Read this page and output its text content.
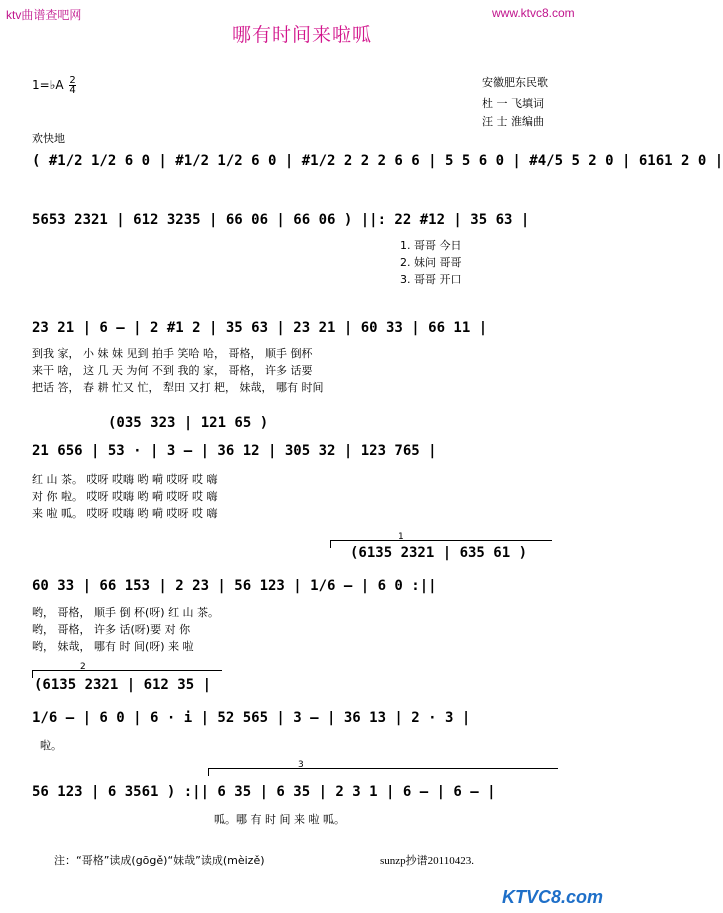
ktv曲谱查吧网	www.ktvc8.com
哪有时间来啦呱
1=♭A $\frac{2}{4}$	安徽肥东民歌
杜 一 飞填词
汪 士 淮编曲
欢快地
( #1/2 1/2 6 0 | #1/2 1/2 6 0 | #1/2 2 2 2 6 6 | 5 5 6 0 | #4/5 5 2 0 | 6161 2 0 |
5653 2321 | 612 3235 | 66 06 | 66 06 ) ||: 22 #12 | 35 63 |
1. 哥哥 今日
2. 妹问 哥哥
3. 哥哥 开口
23 21 | 6 – | 2 #1 2 | 35 63 | 23 21 | 60 33 | 66 11 |
到我 家， 小 妹 妹 见到 拍手 笑哈 哈， 哥格， 顺手 倒杯
来干 啥， 这 几 天 为何 不到 我的 家， 哥格， 许多 话要
把话 答， 春 耕 忙又 忙， 犁田 又打 耙， 妹哉， 哪有 时间
(035 323 | 121 65 )
21 656 | 53 · | 3 – | 36 12 | 305 32 | 123 765 |
红 山 茶。 哎呀 哎嗨 哟 嗬 哎呀 哎 嗨
对 你 啦。 哎呀 哎嗨 哟 嗬 哎呀 哎 嗨
来 啦 呱。 哎呀 哎嗨 哟 嗬 哎呀 哎 嗨
1
(6135 2321 | 635 61 )
60 33 | 66 153 | 2 23 | 56 123 | 1/6 – | 6 0 :||
哟， 哥格， 顺手 倒 杯(呀) 红 山 茶。
哟， 哥格， 许多 话(呀)要 对 你
哟， 妹哉， 哪有 时 间(呀) 来 啦
2
(6135 2321 | 612 35 |
1/6 – | 6 0 | 6 · i | 52 565 | 3 – | 36 13 | 2 · 3 |
啦。
3
56 123 | 6 3561 ) :|| 6 35 | 6 35 | 2 3 1 | 6 – | 6 – |
呱。哪 有 时 间 来 啦 呱。
注：“哥格”读成(gōgě)“妹哉”读成(mèizě)	sunzp抄谱20110423.
KTVC8.com
